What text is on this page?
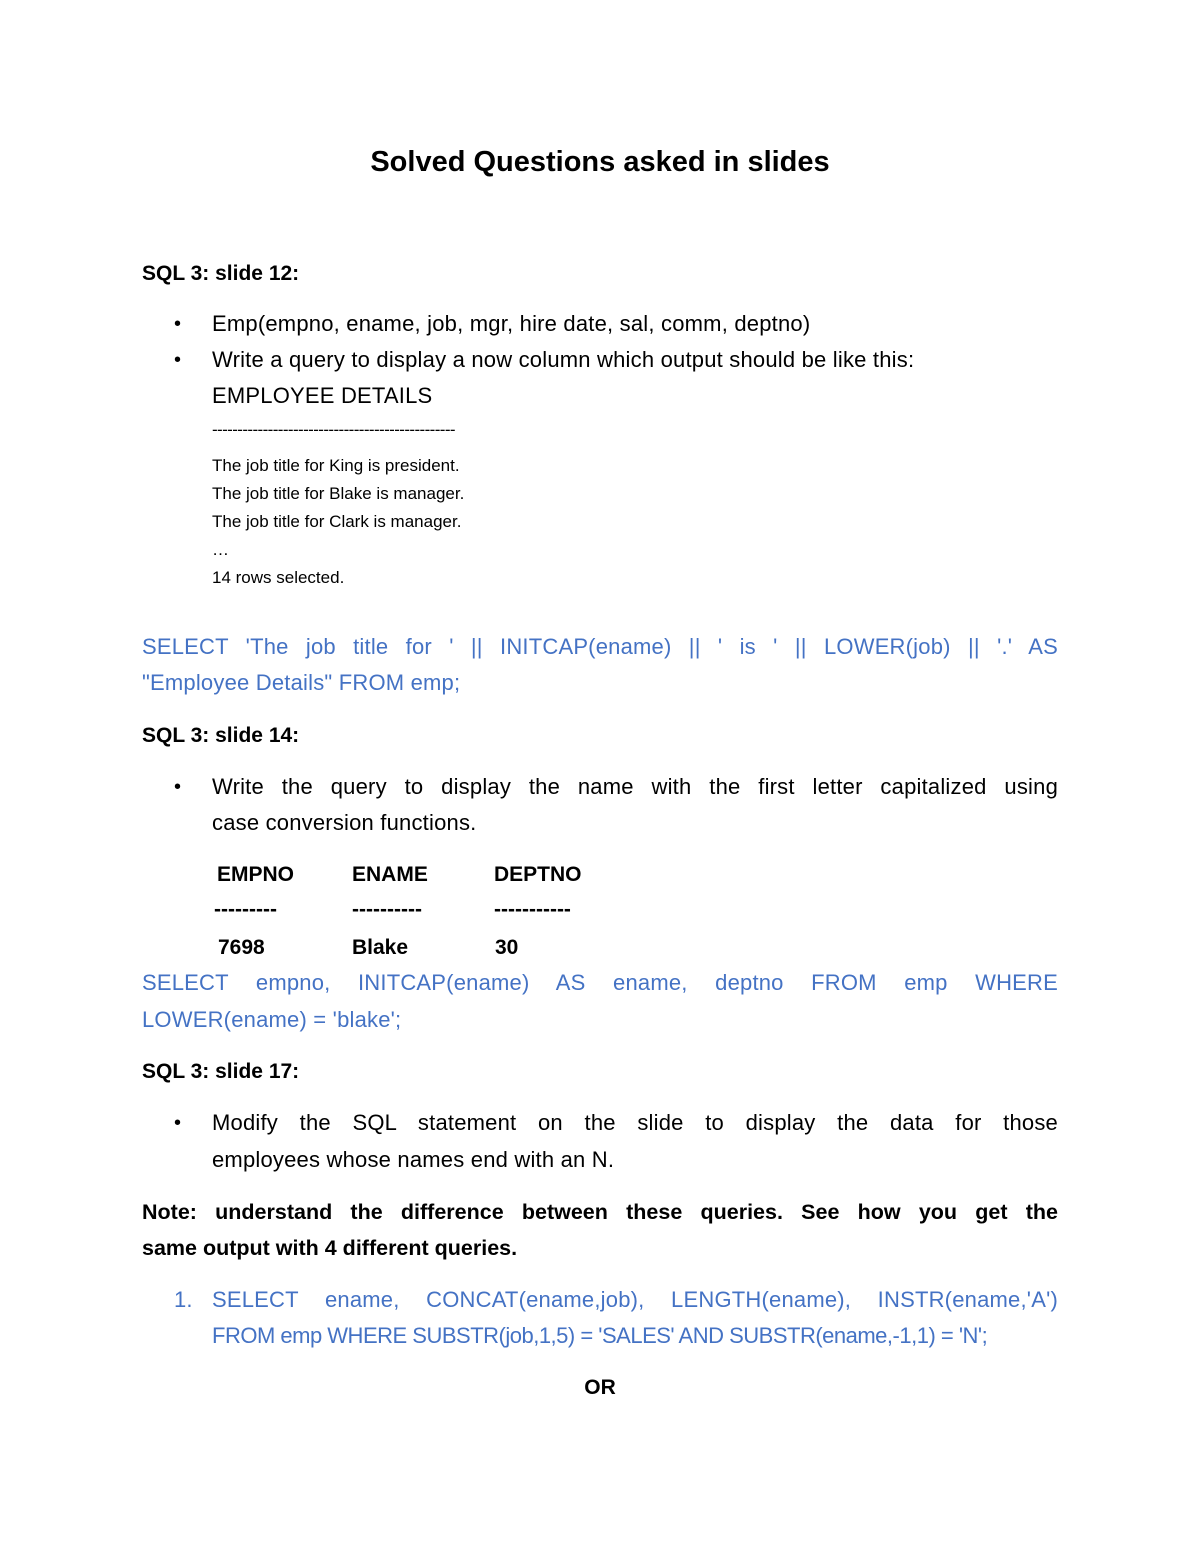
Solved Questions asked in slides
SQL 3: slide 12:
• Emp(empno, ename, job, mgr, hire date, sal, comm, deptno)
• Write a query to display a now column which output should be like this:
EMPLOYEE DETAILS
------------------------------------------------
The job title for King is president.
The job title for Blake is manager.
The job title for Clark is manager.
…
14 rows selected.
SELECT 'The job title for ' || INITCAP(ename) || ' is ' || LOWER(job) || '.' AS
"Employee Details" FROM emp;
SQL 3: slide 14:
• Write the query to display the name with the first letter capitalized using
case conversion functions.
EMPNO	ENAME	DEPTNO
---------	----------	-----------
7698	Blake	30
SELECT empno, INITCAP(ename) AS ename, deptno FROM emp WHERE
LOWER(ename) = 'blake';
SQL 3: slide 17:
• Modify the SQL statement on the slide to display the data for those
employees whose names end with an N.
Note: understand the difference between these queries. See how you get the
same output with 4 different queries.
1. SELECT ename, CONCAT(ename,job), LENGTH(ename), INSTR(ename,'A')
FROM emp WHERE SUBSTR(job,1,5) = 'SALES' AND SUBSTR(ename,-1,1) = 'N';
OR
